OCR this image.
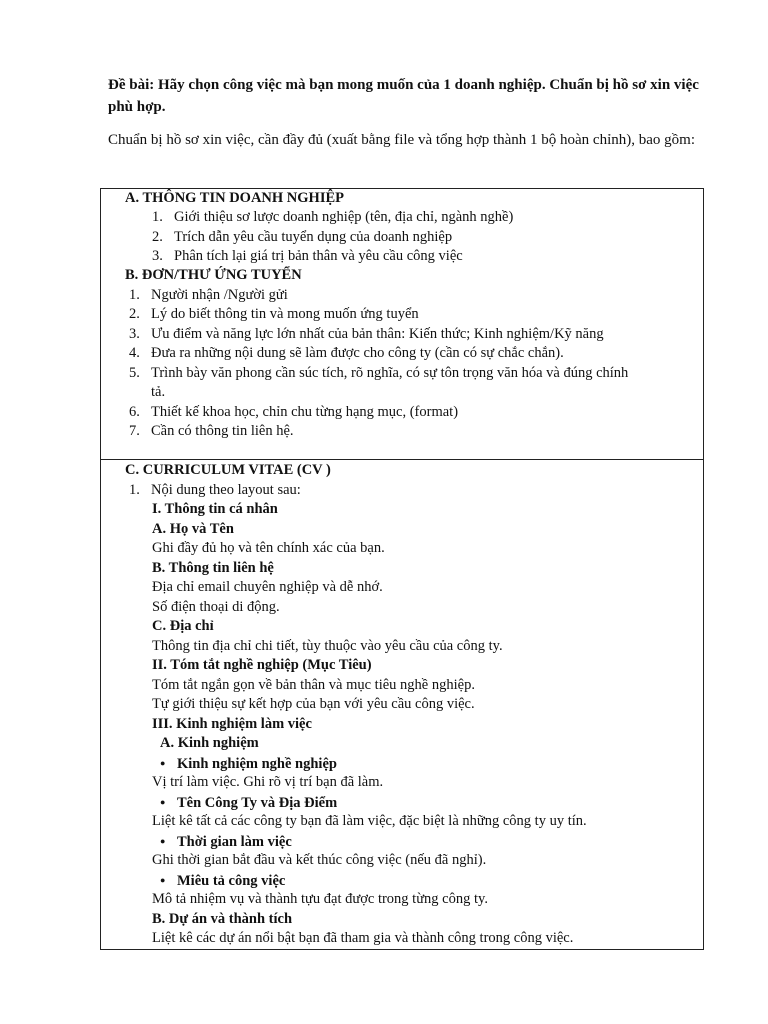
Đề bài: Hãy chọn công việc mà bạn mong muốn của 1 doanh nghiệp. Chuẩn bị hồ sơ xin việc phù hợp.
Chuẩn bị hồ sơ xin việc, cần đầy đủ (xuất bằng file và tổng hợp thành 1 bộ hoàn chỉnh), bao gồm:
A. THÔNG TIN DOANH NGHIỆP
1. Giới thiệu sơ lược doanh nghiệp (tên, địa chỉ, ngành nghề)
2. Trích dẫn yêu cầu tuyển dụng của doanh nghiệp
3. Phân tích lại giá trị bản thân và yêu cầu công việc
B. ĐƠN/THƯ ỨNG TUYỂN
1. Người nhận /Người gửi
2. Lý do biết thông tin và mong muốn ứng tuyển
3. Ưu điểm và năng lực lớn nhất của bản thân: Kiến thức; Kinh nghiệm/Kỹ năng
4. Đưa ra những nội dung sẽ làm được cho công ty (cần có sự chắc chắn).
5. Trình bày văn phong cần súc tích, rõ nghĩa, có sự tôn trọng văn hóa và đúng chính
tả.
6. Thiết kế khoa học, chỉn chu từng hạng mục, (format)
7. Cần có thông tin liên hệ.
C. CURRICULUM VITAE (CV )
1. Nội dung theo layout sau:
I. Thông tin cá nhân
A. Họ và Tên
Ghi đầy đủ họ và tên chính xác của bạn.
B. Thông tin liên hệ
Địa chỉ email chuyên nghiệp và dễ nhớ.
Số điện thoại di động.
C. Địa chỉ
Thông tin địa chỉ chi tiết, tùy thuộc vào yêu cầu của công ty.
II. Tóm tắt nghề nghiệp (Mục Tiêu)
Tóm tắt ngắn gọn về bản thân và mục tiêu nghề nghiệp.
Tự giới thiệu sự kết hợp của bạn với yêu cầu công việc.
III. Kinh nghiệm làm việc
A. Kinh nghiệm
● Kinh nghiệm nghề nghiệp
Vị trí làm việc. Ghi rõ vị trí bạn đã làm.
● Tên Công Ty và Địa Điểm
Liệt kê tất cả các công ty bạn đã làm việc, đặc biệt là những công ty uy tín.
● Thời gian làm việc
Ghi thời gian bắt đầu và kết thúc công việc (nếu đã nghỉ).
● Miêu tả công việc
Mô tả nhiệm vụ và thành tựu đạt được trong từng công ty.
B. Dự án và thành tích
Liệt kê các dự án nổi bật bạn đã tham gia và thành công trong công việc.
